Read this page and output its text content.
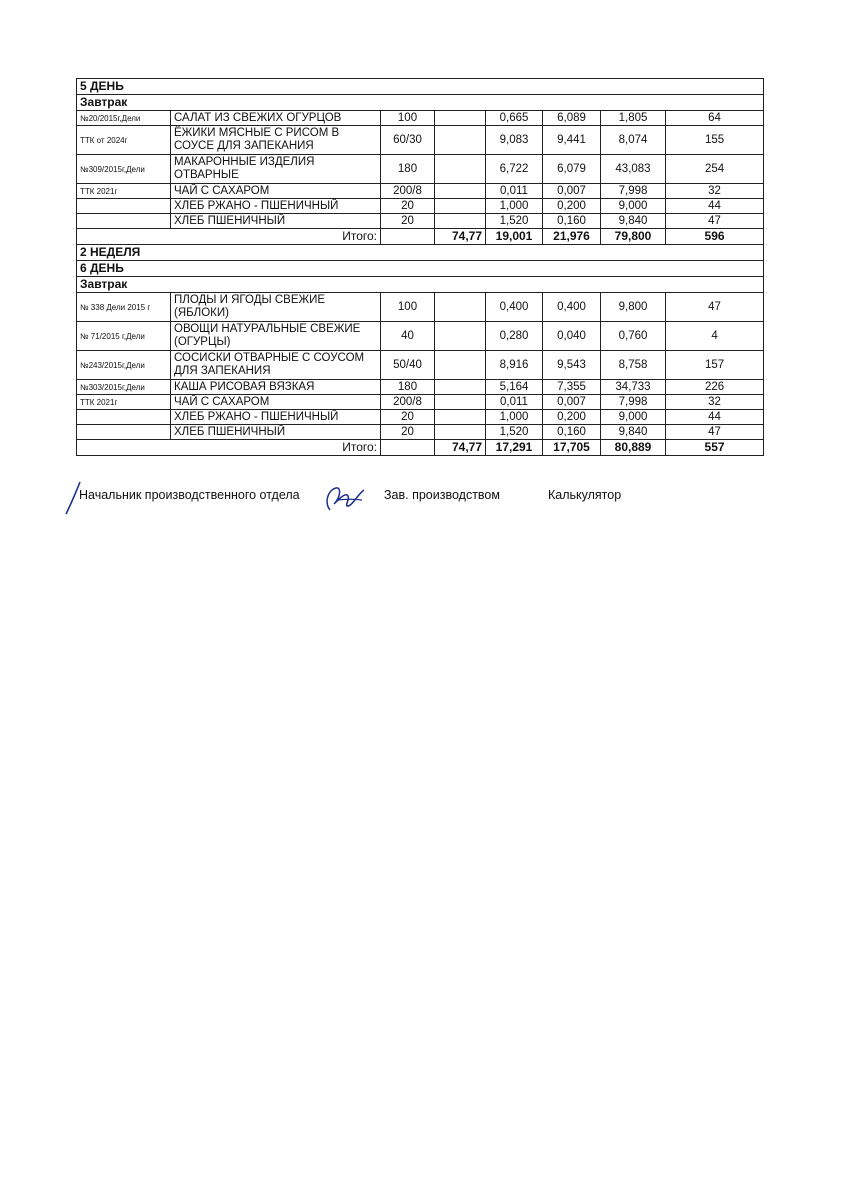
5 ДЕНЬ							
Завтрак							
№20/2015г,Дели	САЛАТ ИЗ СВЕЖИХ ОГУРЦОВ	100		0,665	6,089	1,805	64
ТТК от 2024г	ЁЖИКИ МЯСНЫЕ С РИСОМ В СОУСЕ ДЛЯ ЗАПЕКАНИЯ	60/30		9,083	9,441	8,074	155
№309/2015г,Дели	МАКАРОННЫЕ ИЗДЕЛИЯ ОТВАРНЫЕ	180		6,722	6,079	43,083	254
ТТК 2021г	ЧАЙ С САХАРОМ	200/8		0,011	0,007	7,998	32
	ХЛЕБ РЖАНО - ПШЕНИЧНЫЙ	20		1,000	0,200	9,000	44
	ХЛЕБ ПШЕНИЧНЫЙ	20		1,520	0,160	9,840	47
Итого:			74,77	19,001	21,976	79,800	596
2 НЕДЕЛЯ							
6 ДЕНЬ							
Завтрак							
№ 338 Дели 2015 г	ПЛОДЫ И ЯГОДЫ СВЕЖИЕ (ЯБЛОКИ)	100		0,400	0,400	9,800	47
№ 71/2015 г,Дели	ОВОЩИ НАТУРАЛЬНЫЕ СВЕЖИЕ (ОГУРЦЫ)	40		0,280	0,040	0,760	4
№243/2015г,Дели	СОСИСКИ ОТВАРНЫЕ С СОУСОМ ДЛЯ ЗАПЕКАНИЯ	50/40		8,916	9,543	8,758	157
№303/2015г,Дели	КАША РИСОВАЯ ВЯЗКАЯ	180		5,164	7,355	34,733	226
ТТК 2021г	ЧАЙ С САХАРОМ	200/8		0,011	0,007	7,998	32
	ХЛЕБ РЖАНО - ПШЕНИЧНЫЙ	20		1,000	0,200	9,000	44
	ХЛЕБ ПШЕНИЧНЫЙ	20		1,520	0,160	9,840	47
Итого:			74,77	17,291	17,705	80,889	557
Начальник производственного отдела	Зав. производством	Калькулятор
